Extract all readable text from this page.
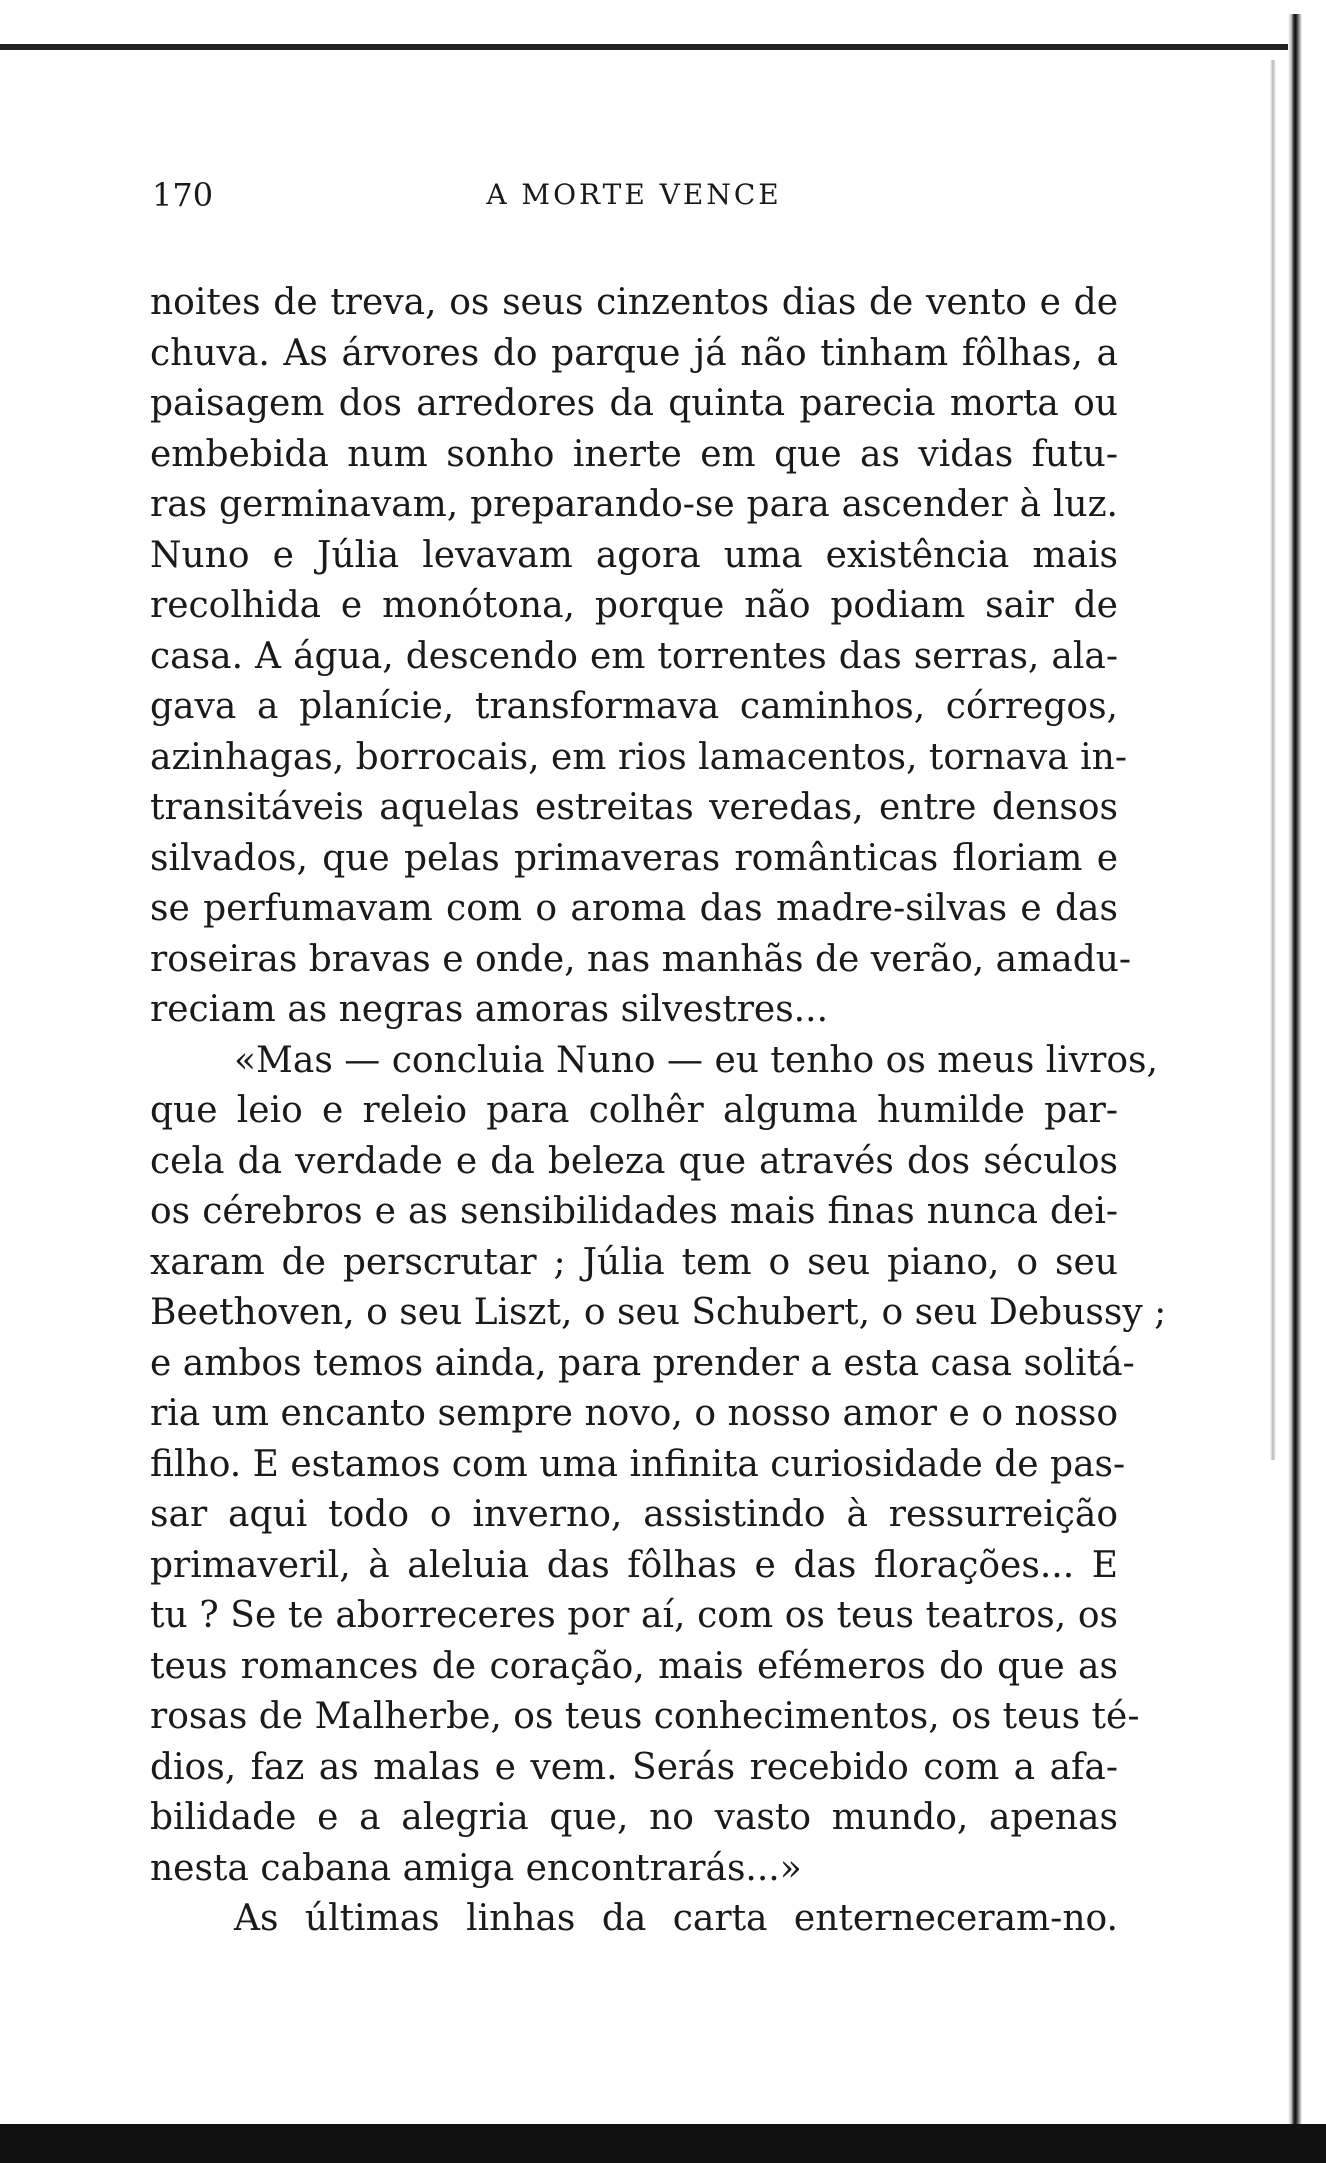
170	A MORTE VENCE
noites de treva, os seus cinzentos dias de vento e de
chuva. As árvores do parque já não tinham fôlhas, a
paisagem dos arredores da quinta parecia morta ou
embebida num sonho inerte em que as vidas futu-
ras germinavam, preparando-se para ascender à luz.
Nuno e Júlia levavam agora uma existência mais
recolhida e monótona, porque não podiam sair de
casa. A água, descendo em torrentes das serras, ala-
gava a planície, transformava caminhos, córregos,
azinhagas, borrocais, em rios lamacentos, tornava in-
transitáveis aquelas estreitas veredas, entre densos
silvados, que pelas primaveras românticas floriam e
se perfumavam com o aroma das madre-silvas e das
roseiras bravas e onde, nas manhãs de verão, amadu-
reciam as negras amoras silvestres...
«Mas — concluia Nuno — eu tenho os meus livros,
que leio e releio para colhêr alguma humilde par-
cela da verdade e da beleza que através dos séculos
os cérebros e as sensibilidades mais finas nunca dei-
xaram de perscrutar ; Júlia tem o seu piano, o seu
Beethoven, o seu Liszt, o seu Schubert, o seu Debussy ;
e ambos temos ainda, para prender a esta casa solitá-
ria um encanto sempre novo, o nosso amor e o nosso
filho. E estamos com uma infinita curiosidade de pas-
sar aqui todo o inverno, assistindo à ressurreição
primaveril, à aleluia das fôlhas e das florações... E
tu ? Se te aborreceres por aí, com os teus teatros, os
teus romances de coração, mais efémeros do que as
rosas de Malherbe, os teus conhecimentos, os teus té-
dios, faz as malas e vem. Serás recebido com a afa-
bilidade e a alegria que, no vasto mundo, apenas
nesta cabana amiga encontrarás...»
As últimas linhas da carta enterneceram-no.
